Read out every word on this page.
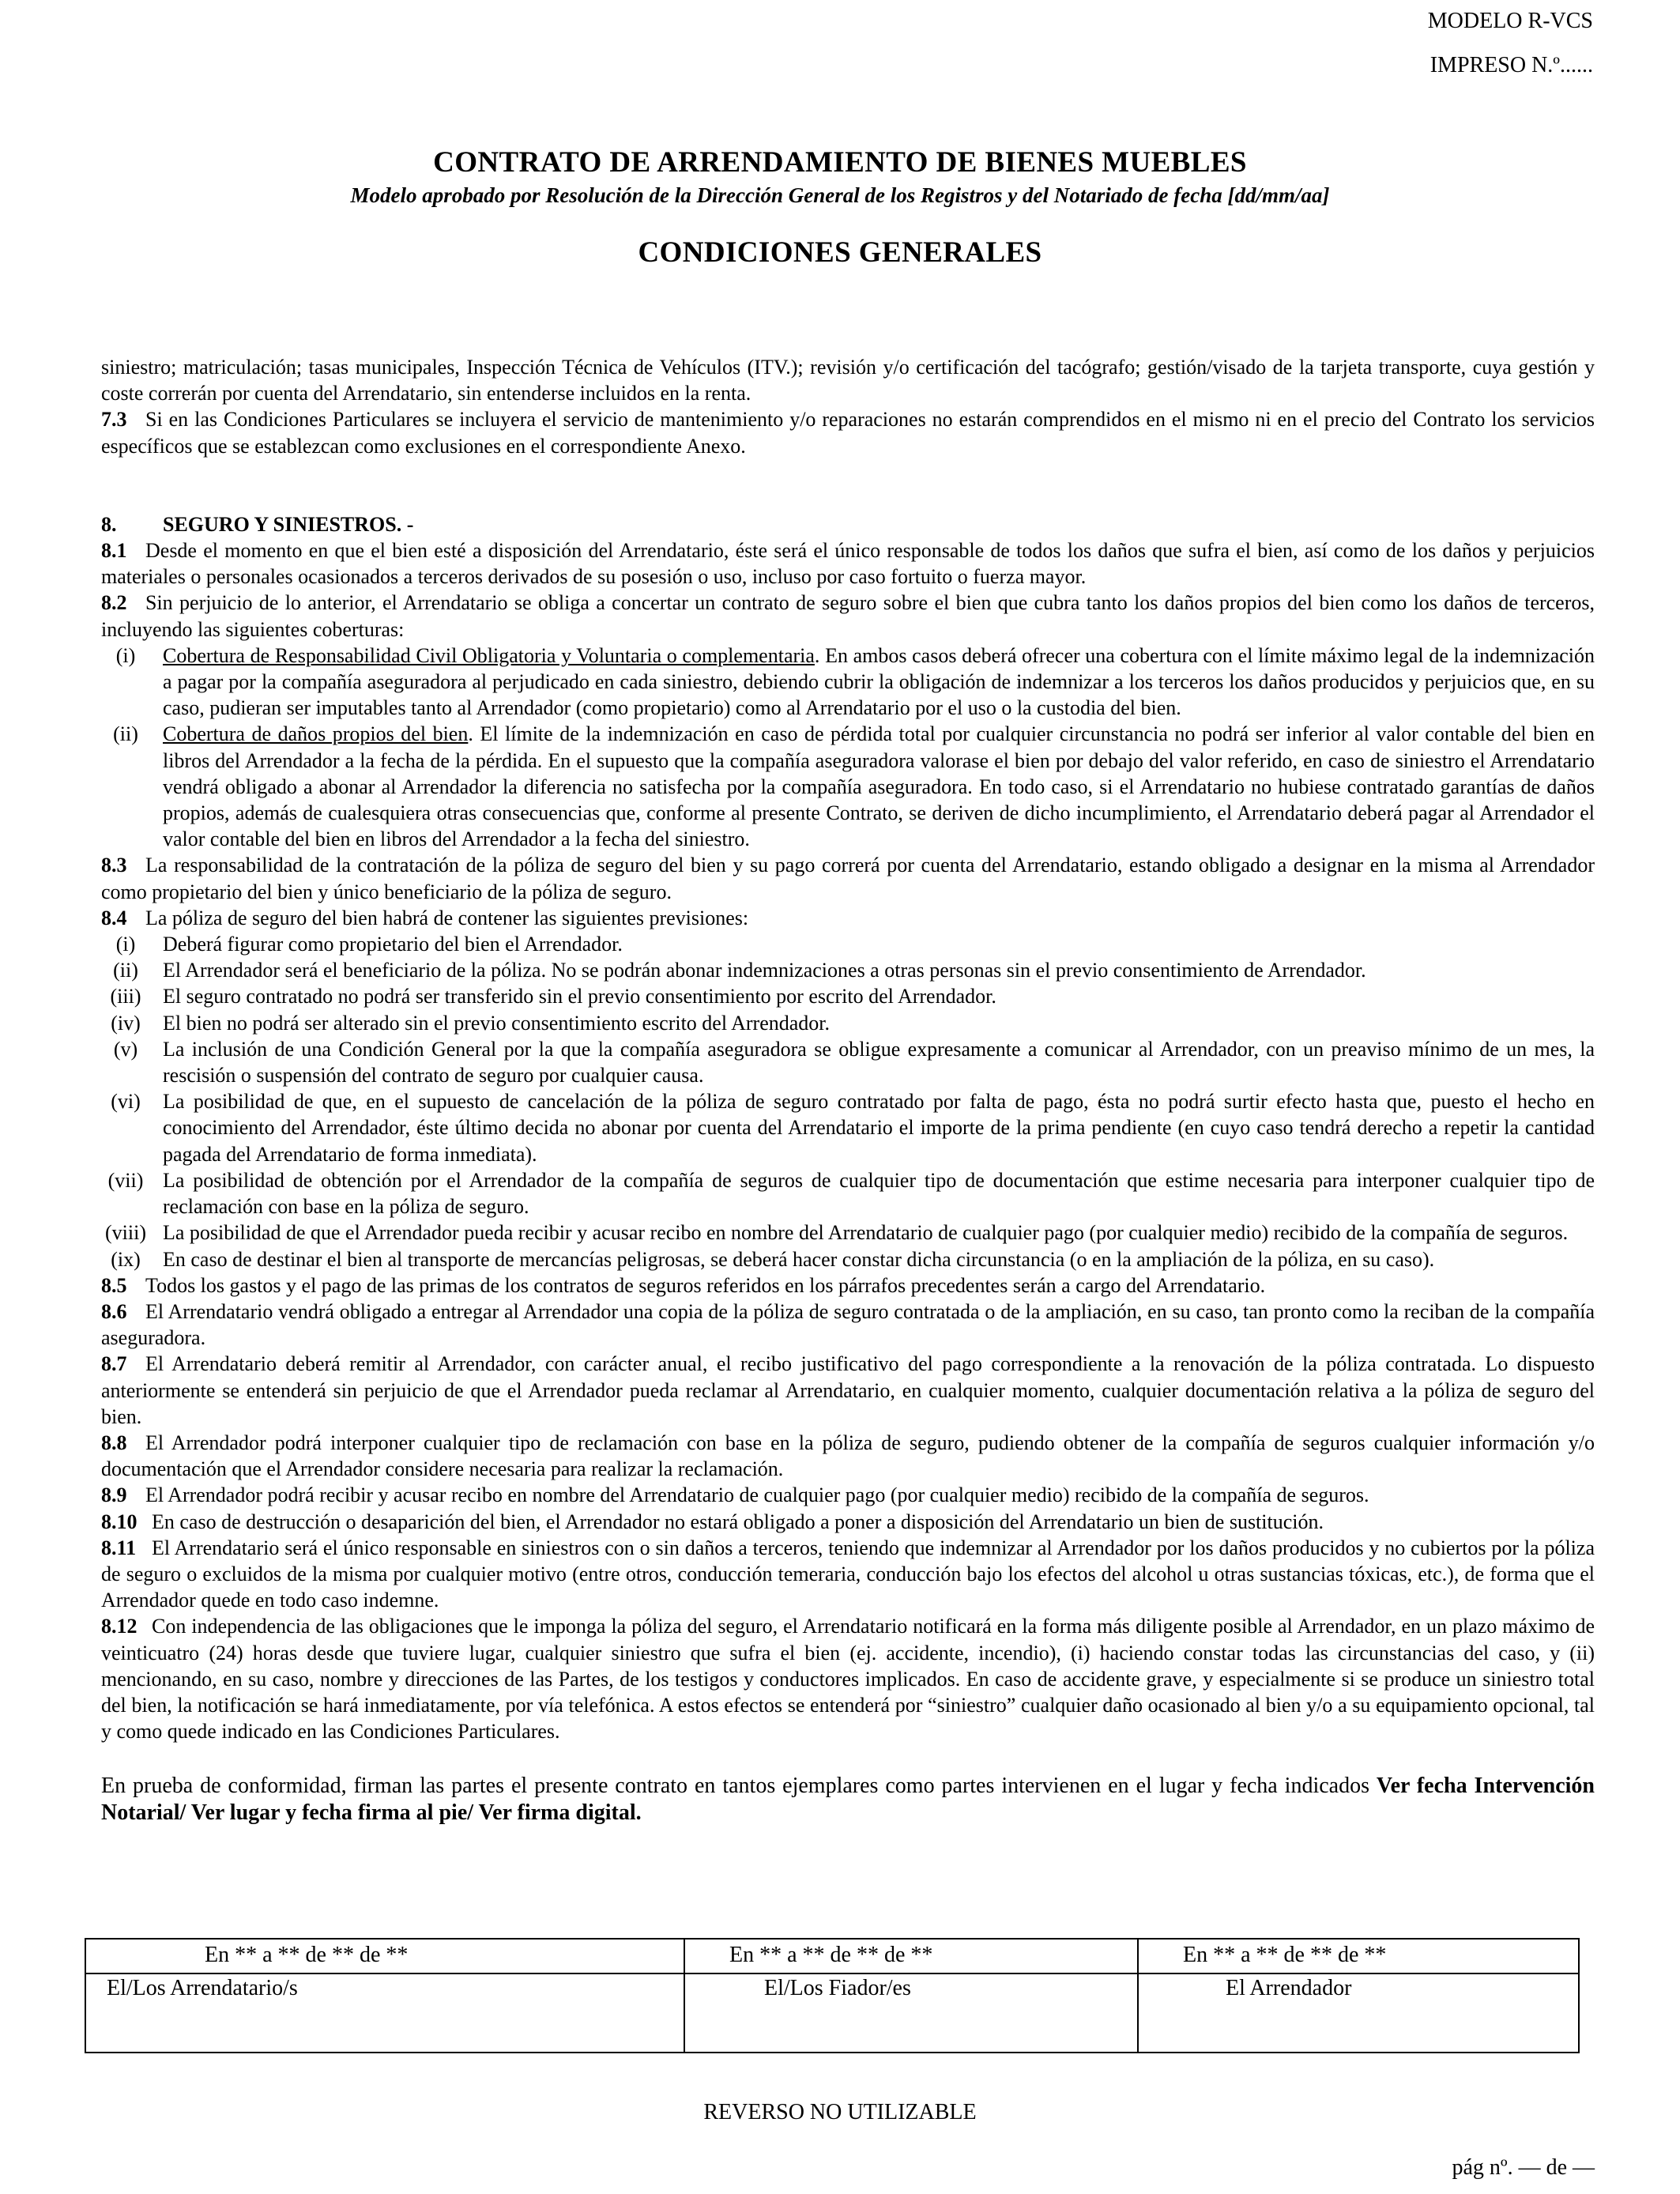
MODELO R-VCS
IMPRESO N.º......
CONTRATO DE ARRENDAMIENTO DE BIENES MUEBLES
Modelo aprobado por Resolución de la Dirección General de los Registros y del Notariado de fecha [dd/mm/aa]
CONDICIONES GENERALES

siniestro; matriculación; tasas municipales, Inspección Técnica de Vehículos (ITV.); revisión y/o certificación del tacógrafo; gestión/visado de la tarjeta transporte, cuya gestión y coste correrán por cuenta del Arrendatario, sin entenderse incluidos en la renta.

7.3 Si en las Condiciones Particulares se incluyera el servicio de mantenimiento y/o reparaciones no estarán comprendidos en el mismo ni en el precio del Contrato los servicios específicos que se establezcan como exclusiones en el correspondiente Anexo.

8. SEGURO Y SINIESTROS. -

8.1 Desde el momento en que el bien esté a disposición del Arrendatario, éste será el único responsable de todos los daños que sufra el bien, así como de los daños y perjuicios materiales o personales ocasionados a terceros derivados de su posesión o uso, incluso por caso fortuito o fuerza mayor.

8.2 Sin perjuicio de lo anterior, el Arrendatario se obliga a concertar un contrato de seguro sobre el bien que cubra tanto los daños propios del bien como los daños de terceros, incluyendo las siguientes coberturas:

(i)	Cobertura de Responsabilidad Civil Obligatoria y Voluntaria o complementaria. En ambos casos deberá ofrecer una cobertura con el límite máximo legal de la indemnización a pagar por la compañía aseguradora al perjudicado en cada siniestro, debiendo cubrir la obligación de indemnizar a los terceros los daños producidos y perjuicios que, en su caso, pudieran ser imputables tanto al Arrendador (como propietario) como al Arrendatario por el uso o la custodia del bien.

(ii)	Cobertura de daños propios del bien. El límite de la indemnización en caso de pérdida total por cualquier circunstancia no podrá ser inferior al valor contable del bien en libros del Arrendador a la fecha de la pérdida. En el supuesto que la compañía aseguradora valorase el bien por debajo del valor referido, en caso de siniestro el Arrendatario vendrá obligado a abonar al Arrendador la diferencia no satisfecha por la compañía aseguradora. En todo caso, si el Arrendatario no hubiese contratado garantías de daños propios, además de cualesquiera otras consecuencias que, conforme al presente Contrato, se deriven de dicho incumplimiento, el Arrendatario deberá pagar al Arrendador el valor contable del bien en libros del Arrendador a la fecha del siniestro.

8.3 La responsabilidad de la contratación de la póliza de seguro del bien y su pago correrá por cuenta del Arrendatario, estando obligado a designar en la misma al Arrendador como propietario del bien y único beneficiario de la póliza de seguro.

8.4 La póliza de seguro del bien habrá de contener las siguientes previsiones:

(i)	Deberá figurar como propietario del bien el Arrendador.

(ii)	El Arrendador será el beneficiario de la póliza. No se podrán abonar indemnizaciones a otras personas sin el previo consentimiento de Arrendador.

(iii)	El seguro contratado no podrá ser transferido sin el previo consentimiento por escrito del Arrendador.

(iv)	El bien no podrá ser alterado sin el previo consentimiento escrito del Arrendador.

(v)	La inclusión de una Condición General por la que la compañía aseguradora se obligue expresamente a comunicar al Arrendador, con un preaviso mínimo de un mes, la rescisión o suspensión del contrato de seguro por cualquier causa.

(vi)	La posibilidad de que, en el supuesto de cancelación de la póliza de seguro contratado por falta de pago, ésta no podrá surtir efecto hasta que, puesto el hecho en conocimiento del Arrendador, éste último decida no abonar por cuenta del Arrendatario el importe de la prima pendiente (en cuyo caso tendrá derecho a repetir la cantidad pagada del Arrendatario de forma inmediata).

(vii) La posibilidad de obtención por el Arrendador de la compañía de seguros de cualquier tipo de documentación que estime necesaria para interponer cualquier tipo de reclamación con base en la póliza de seguro.

(viii) La posibilidad de que el Arrendador pueda recibir y acusar recibo en nombre del Arrendatario de cualquier pago (por cualquier medio) recibido de la compañía de seguros.

(ix)	En caso de destinar el bien al transporte de mercancías peligrosas, se deberá hacer constar dicha circunstancia (o en la ampliación de la póliza, en su caso).

8.5 Todos los gastos y el pago de las primas de los contratos de seguros referidos en los párrafos precedentes serán a cargo del Arrendatario.

8.6 El Arrendatario vendrá obligado a entregar al Arrendador una copia de la póliza de seguro contratada o de la ampliación, en su caso, tan pronto como la reciban de la compañía aseguradora.

8.7 El Arrendatario deberá remitir al Arrendador, con carácter anual, el recibo justificativo del pago correspondiente a la renovación de la póliza contratada. Lo dispuesto anteriormente se entenderá sin perjuicio de que el Arrendador pueda reclamar al Arrendatario, en cualquier momento, cualquier documentación relativa a la póliza de seguro del bien.

8.8 El Arrendador podrá interponer cualquier tipo de reclamación con base en la póliza de seguro, pudiendo obtener de la compañía de seguros cualquier información y/o documentación que el Arrendador considere necesaria para realizar la reclamación.

8.9 El Arrendador podrá recibir y acusar recibo en nombre del Arrendatario de cualquier pago (por cualquier medio) recibido de la compañía de seguros.

8.10 En caso de destrucción o desaparición del bien, el Arrendador no estará obligado a poner a disposición del Arrendatario un bien de sustitución.

8.11 El Arrendatario será el único responsable en siniestros con o sin daños a terceros, teniendo que indemnizar al Arrendador por los daños producidos y no cubiertos por la póliza de seguro o excluidos de la misma por cualquier motivo (entre otros, conducción temeraria, conducción bajo los efectos del alcohol u otras sustancias tóxicas, etc.), de forma que el Arrendador quede en todo caso indemne.

8.12 Con independencia de las obligaciones que le imponga la póliza del seguro, el Arrendatario notificará en la forma más diligente posible al Arrendador, en un plazo máximo de veinticuatro (24) horas desde que tuviere lugar, cualquier siniestro que sufra el bien (ej. accidente, incendio), (i) haciendo constar todas las circunstancias del caso, y (ii) mencionando, en su caso, nombre y direcciones de las Partes, de los testigos y conductores implicados. En caso de accidente grave, y especialmente si se produce un siniestro total del bien, la notificación se hará inmediatamente, por vía telefónica. A estos efectos se entenderá por “siniestro” cualquier daño ocasionado al bien y/o a su equipamiento opcional, tal y como quede indicado en las Condiciones Particulares.

En prueba de conformidad, firman las partes el presente contrato en tantos ejemplares como partes intervienen en el lugar y fecha indicados Ver fecha Intervención Notarial/ Ver lugar y fecha firma al pie/ Ver firma digital.

En ** a ** de ** de **	En ** a ** de ** de **	En ** a ** de ** de **
El/Los Arrendatario/s	El/Los Fiador/es	El Arrendador
REVERSO NO UTILIZABLE
pág nº. — de —
